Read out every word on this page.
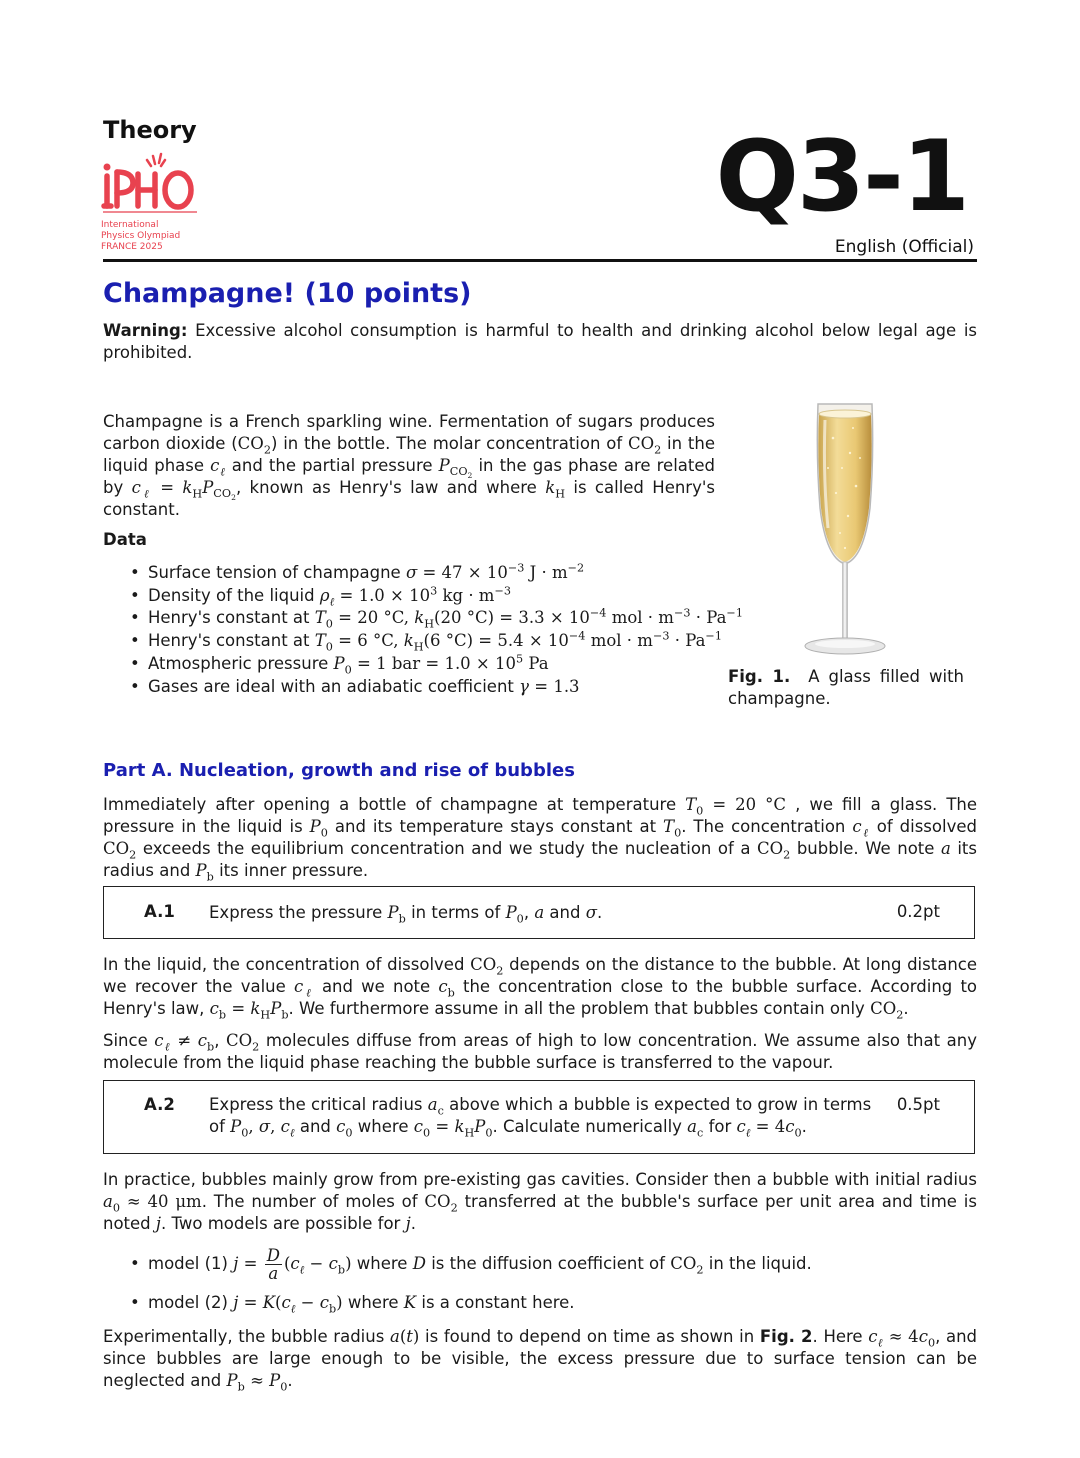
Theory
International
Physics Olympiad
FRANCE 2025
Q3-1
English (Official)
Champagne! (10 points)
Warning: Excessive alcohol consumption is harmful to health and drinking alcohol below legal age is prohibited.
Champagne is a French sparkling wine. Fermentation of sugars produces carbon dioxide $(CO_2)$ in the bottle. The molar concentration of $CO_2$ in the liquid phase $c_\ell$ and the partial pressure $P_{CO_2}$ in the gas phase are related by $c_\ell = k_HP_{CO_2}$, known as Henry's law and where $k_H$ is called Henry's constant.
Data
• Surface tension of champagne $\sigma = 47 \times 10^{-3}$ $J \cdot m^{-2}$
• Density of the liquid $\rho_\ell = 1.0 \times 10^3$ kg · $m^{-3}$
• Henry's constant at $T_0 = 20$ °C, $k_H(20$ $^\circ C) = 3.3 \times 10^{-4}$ mol · $m^{-3} \cdot Pa^{-1}$
• Henry's constant at $T_0 = 6$ °C, $k_H(6$ $^\circ C) = 5.4 \times 10^{-4}$ mol · $m^{-3} \cdot Pa^{-1}$
• Atmospheric pressure $P_0 = 1$ bar = $1.0 \times 10^5$ Pa
• Gases are ideal with an adiabatic coefficient γ = 1.3
Fig. 1. A glass filled with champagne.
Part A. Nucleation, growth and rise of bubbles
Immediately after opening a bottle of champagne at temperature $T_0 = 20$ °C , we fill a glass. The pressure in the liquid is $P_0$ and its temperature stays constant at $T_0$. The concentration $c_\ell$ of dissolved $CO_2$ exceeds the equilibrium concentration and we study the nucleation of a $CO_2$ bubble. We note a its radius and $P_b$ its inner pressure.
A.1 Express the pressure $P_b$ in terms of $P_0$, a and σ.	0.2pt
In the liquid, the concentration of dissolved $CO_2$ depends on the distance to the bubble. At long distance we recover the value $c_\ell$ and we note $c_b$ the concentration close to the bubble surface. According to Henry's law, $c_b = k_HP_b$. We furthermore assume in all the problem that bubbles contain only $CO_2$.
Since $c_\ell \ne c_b$, $CO_2$ molecules diffuse from areas of high to low concentration. We assume also that any molecule from the liquid phase reaching the bubble surface is transferred to the vapour.
A.2 Express the critical radius $a_c$ above which a bubble is expected to grow in terms of $P_0$, σ, $c_\ell$ and $c_0$ where $c_0 = k_HP_0$. Calculate numerically $a_c$ for $c_\ell = 4c_0$.
0.5pt
In practice, bubbles mainly grow from pre-existing gas cavities. Consider then a bubble with initial radius $a_0 \approx 40$ μm. The number of moles of $CO_2$ transferred at the bubble's surface per unit area and time is noted j. Two models are possible for j.
• model (1) $j = \frac{D}{a} (c_\ell - c_b)$ where D is the diffusion coefficient of $CO_2$ in the liquid.
• model (2) $j = K(c_\ell - c_b)$ where K is a constant here.
Experimentally, the bubble radius a(t) is found to depend on time as shown in Fig. 2. Here $c_\ell \approx 4c_0$, and since bubbles are large enough to be visible, the excess pressure due to surface tension can be neglected and $P_b \approx P_0$.
